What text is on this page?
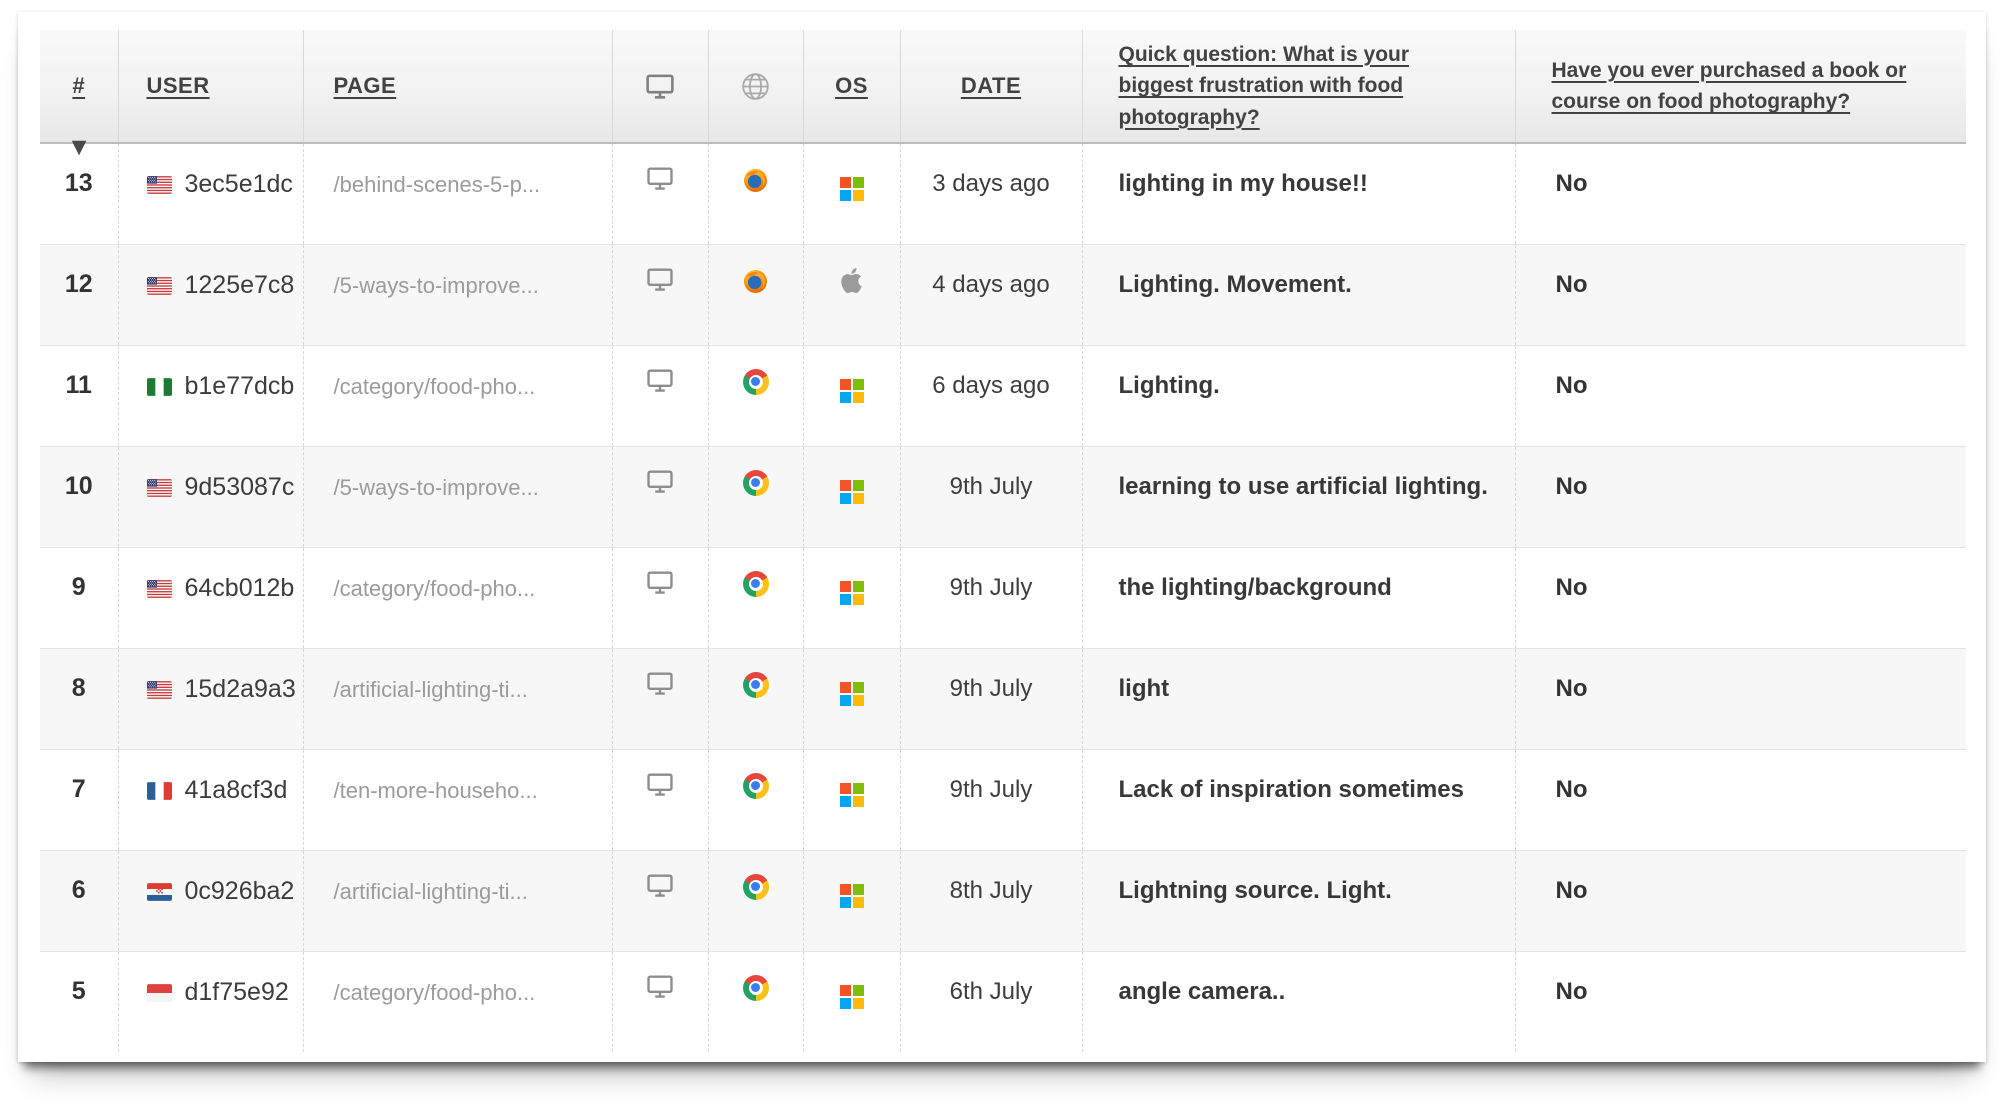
▼
#	USER	PAGE			OS	DATE	Quick question: What is your biggest frustration with food photography?	Have you ever purchased a book or course on food photography?
13	3ec5e1dc	/behind-scenes-5-p...				3 days ago	lighting in my house!!	No
12	1225e7c8	/5-ways-to-improve...				4 days ago	Lighting. Movement.	No
11	b1e77dcb	/category/food-pho...				6 days ago	Lighting.	No
10	9d53087c	/5-ways-to-improve...				9th July	learning to use artificial lighting.	No
9	64cb012b	/category/food-pho...				9th July	the lighting/background	No
8	15d2a9a3	/artificial-lighting-ti...				9th July	light	No
7	41a8cf3d	/ten-more-househo...				9th July	Lack of inspiration sometimes	No
6	0c926ba2	/artificial-lighting-ti...				8th July	Lightning source. Light.	No
5	d1f75e92	/category/food-pho...				6th July	angle camera..	No
